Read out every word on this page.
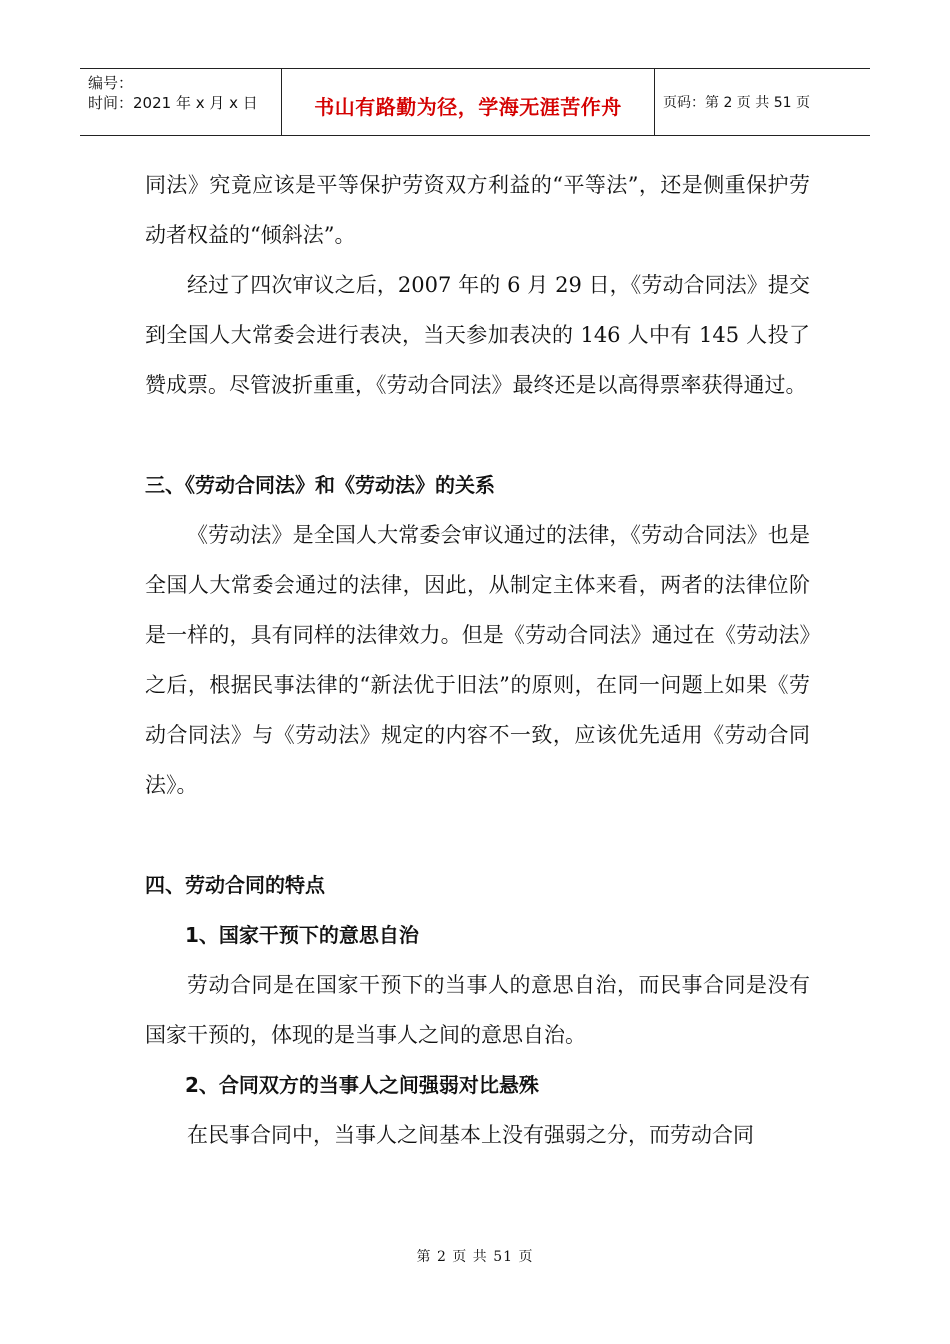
编号：
时间：2021 年 x 月 x 日	书山有路勤为径，学海无涯苦作舟	页码：第 2 页 共 51 页

同法》究竟应该是平等保护劳资双方利益的“平等法”，还是侧重保护劳动者权益的“倾斜法”。

经过了四次审议之后，2007 年的 6 月 29 日，《劳动合同法》提交到全国人大常委会进行表决，当天参加表决的 146 人中有 145 人投了赞成票。尽管波折重重，《劳动合同法》最终还是以高得票率获得通过。

三、《劳动合同法》和《劳动法》的关系

《劳动法》是全国人大常委会审议通过的法律，《劳动合同法》也是全国人大常委会通过的法律，因此，从制定主体来看，两者的法律位阶是一样的，具有同样的法律效力。但是《劳动合同法》通过在《劳动法》之后，根据民事法律的“新法优于旧法”的原则，在同一问题上如果《劳动合同法》与《劳动法》规定的内容不一致，应该优先适用《劳动合同法》。

四、劳动合同的特点

1、国家干预下的意思自治

劳动合同是在国家干预下的当事人的意思自治，而民事合同是没有国家干预的，体现的是当事人之间的意思自治。

2、合同双方的当事人之间强弱对比悬殊

在民事合同中，当事人之间基本上没有强弱之分，而劳动合同

第 2 页 共 51 页
